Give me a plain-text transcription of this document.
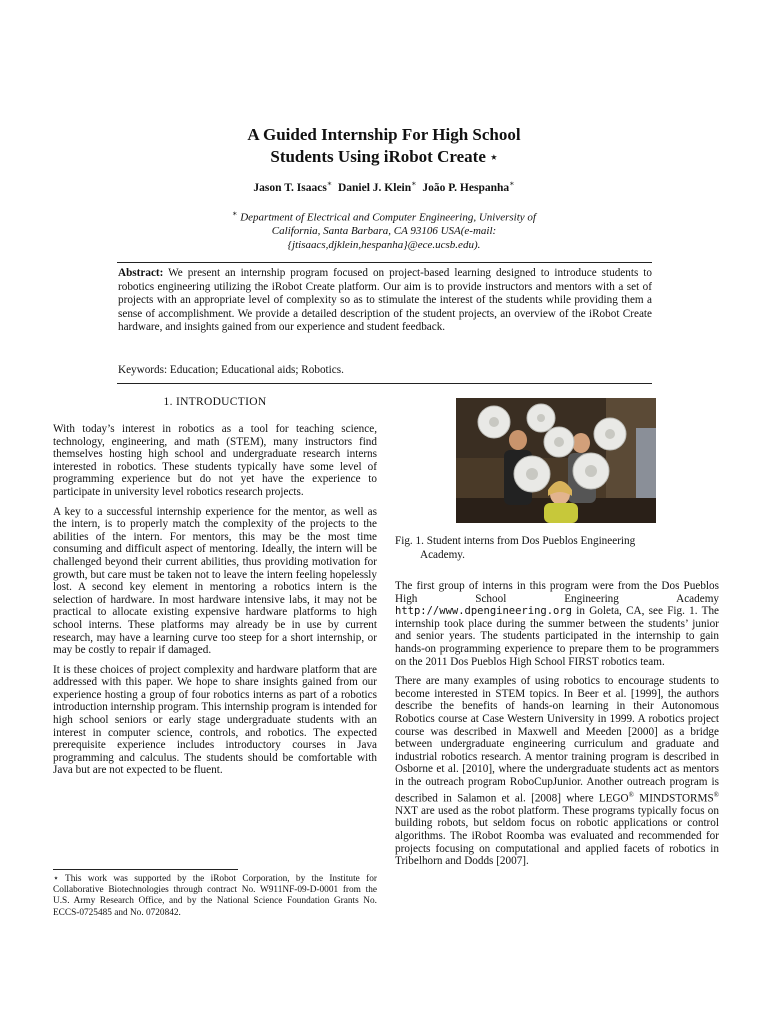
A Guided Internship For High School
Students Using iRobot Create ⋆
Jason T. Isaacs∗ Daniel J. Klein∗ João P. Hespanha∗
∗ Department of Electrical and Computer Engineering, University of
California, Santa Barbara, CA 93106 USA(e-mail:
{jtisaacs,djklein,hespanha}@ece.ucsb.edu).
Abstract: We present an internship program focused on project-based learning designed to introduce students to robotics engineering utilizing the iRobot Create platform. Our aim is to provide instructors and mentors with a set of projects with an appropriate level of complexity so as to stimulate the interest of the students while providing them a sense of accomplishment. We provide a detailed description of the student projects, an overview of the iRobot Create hardware, and insights gained from our experience and student feedback.
Keywords: Education; Educational aids; Robotics.
1. INTRODUCTION

With today’s interest in robotics as a tool for teaching science, technology, engineering, and math (STEM), many instructors find themselves hosting high school and undergraduate research interns interested in robotics. These students typically have some level of programming experience but do not yet have the experience to participate in university level robotics research projects.

A key to a successful internship experience for the mentor, as well as the intern, is to properly match the complexity of the projects to the abilities of the intern. For mentors, this may be the most time consuming and difficult aspect of mentoring. Ideally, the intern will be challenged beyond their current abilities, thus providing motivation for growth, but care must be taken not to leave the intern feeling hopelessly lost. A second key element in mentoring a robotics intern is the selection of hardware. In most hardware intensive labs, it may not be practical to allocate existing expensive hardware platforms to high school interns. These platforms may already be in use by current research, may have a learning curve too steep for a short internship, or may be costly to repair if damaged.

It is these choices of project complexity and hardware platform that are addressed with this paper. We hope to share insights gained from our experience hosting a group of four robotics interns as part of a robotics introduction internship program. This internship program is intended for high school seniors or early stage undergraduate students with an interest in computer science, controls, and robotics. The expected prerequisite experience includes introductory courses in Java programming and calculus. The students should be comfortable with Java but are not expected to be fluent.

⋆ This work was supported by the iRobot Corporation, by the Institute for Collaborative Biotechnologies through contract No. W911NF-09-D-0001 from the U.S. Army Research Office, and by the National Science Foundation Grants No. ECCS-0725485 and No. 0720842.
Fig. 1. Student interns from Dos Pueblos Engineering
Academy.

The first group of interns in this program were from the Dos Pueblos High School Engineering Academy http://www.dpengineering.org in Goleta, CA, see Fig. 1. The internship took place during the summer between the students’ junior and senior years. The students participated in the internship to gain hands-on programming experience to prepare them to be programmers on the 2011 Dos Pueblos High School FIRST robotics team.

There are many examples of using robotics to encourage students to become interested in STEM topics. In Beer et al. [1999], the authors describe the benefits of hands-on learning in their Autonomous Robotics course at Case Western University in 1999. A robotics project course was described in Maxwell and Meeden [2000] as a bridge between undergraduate engineering curriculum and graduate and industrial robotics research. A mentor training program is described in Osborne et al. [2010], where the undergraduate students act as mentors in the outreach program RoboCupJunior. Another outreach program is described in Salamon et al. [2008] where LEGO® MINDSTORMS® NXT are used as the robot platform. These programs typically focus on building robots, but seldom focus on robotic applications or control algorithms. The iRobot Roomba was evaluated and recommended for projects focusing on computational and applied facets of robotics in Tribelhorn and Dodds [2007].
